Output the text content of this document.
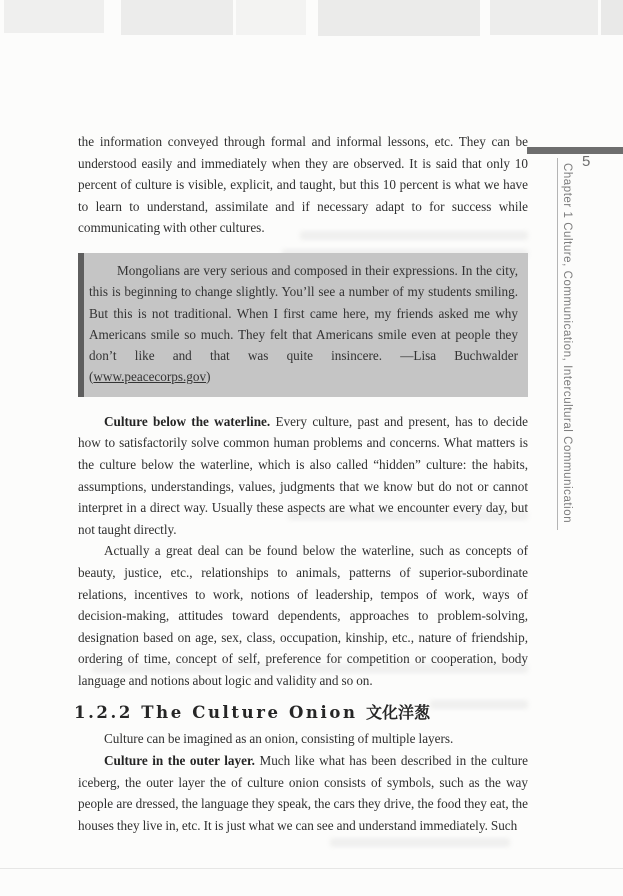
5
Chapter 1 Culture, Communication, Intercultural Communication

the information conveyed through formal and informal lessons, etc. They can be understood easily and immediately when they are observed. It is said that only 10 percent of culture is visible, explicit, and taught, but this 10 percent is what we have to learn to understand, assimilate and if necessary adapt to for success while communicating with other cultures.

Mongolians are very serious and composed in their expressions. In the city, this is beginning to change slightly. You’ll see a number of my students smiling. But this is not traditional. When I first came here, my friends asked me why Americans smile so much. They felt that Americans smile even at people they don’t like and that was quite insincere. —Lisa Buchwalder (www.peacecorps.gov)

Culture below the waterline. Every culture, past and present, has to decide how to satisfactorily solve common human problems and concerns. What matters is the culture below the waterline, which is also called “hidden” culture: the habits, assumptions, understandings, values, judgments that we know but do not or cannot interpret in a direct way. Usually these aspects are what we encounter every day, but not taught directly.

Actually a great deal can be found below the waterline, such as concepts of beauty, justice, etc., relationships to animals, patterns of superior-subordinate relations, incentives to work, notions of leadership, tempos of work, ways of decision-making, attitudes toward dependents, approaches to problem-solving, designation based on age, sex, class, occupation, kinship, etc., nature of friendship, ordering of time, concept of self, preference for competition or cooperation, body language and notions about logic and validity and so on.

1.2.2 The Culture Onion 文化洋葱

Culture can be imagined as an onion, consisting of multiple layers.

Culture in the outer layer. Much like what has been described in the culture iceberg, the outer layer the of culture onion consists of symbols, such as the way people are dressed, the language they speak, the cars they drive, the food they eat, the houses they live in, etc. It is just what we can see and understand immediately. Such
